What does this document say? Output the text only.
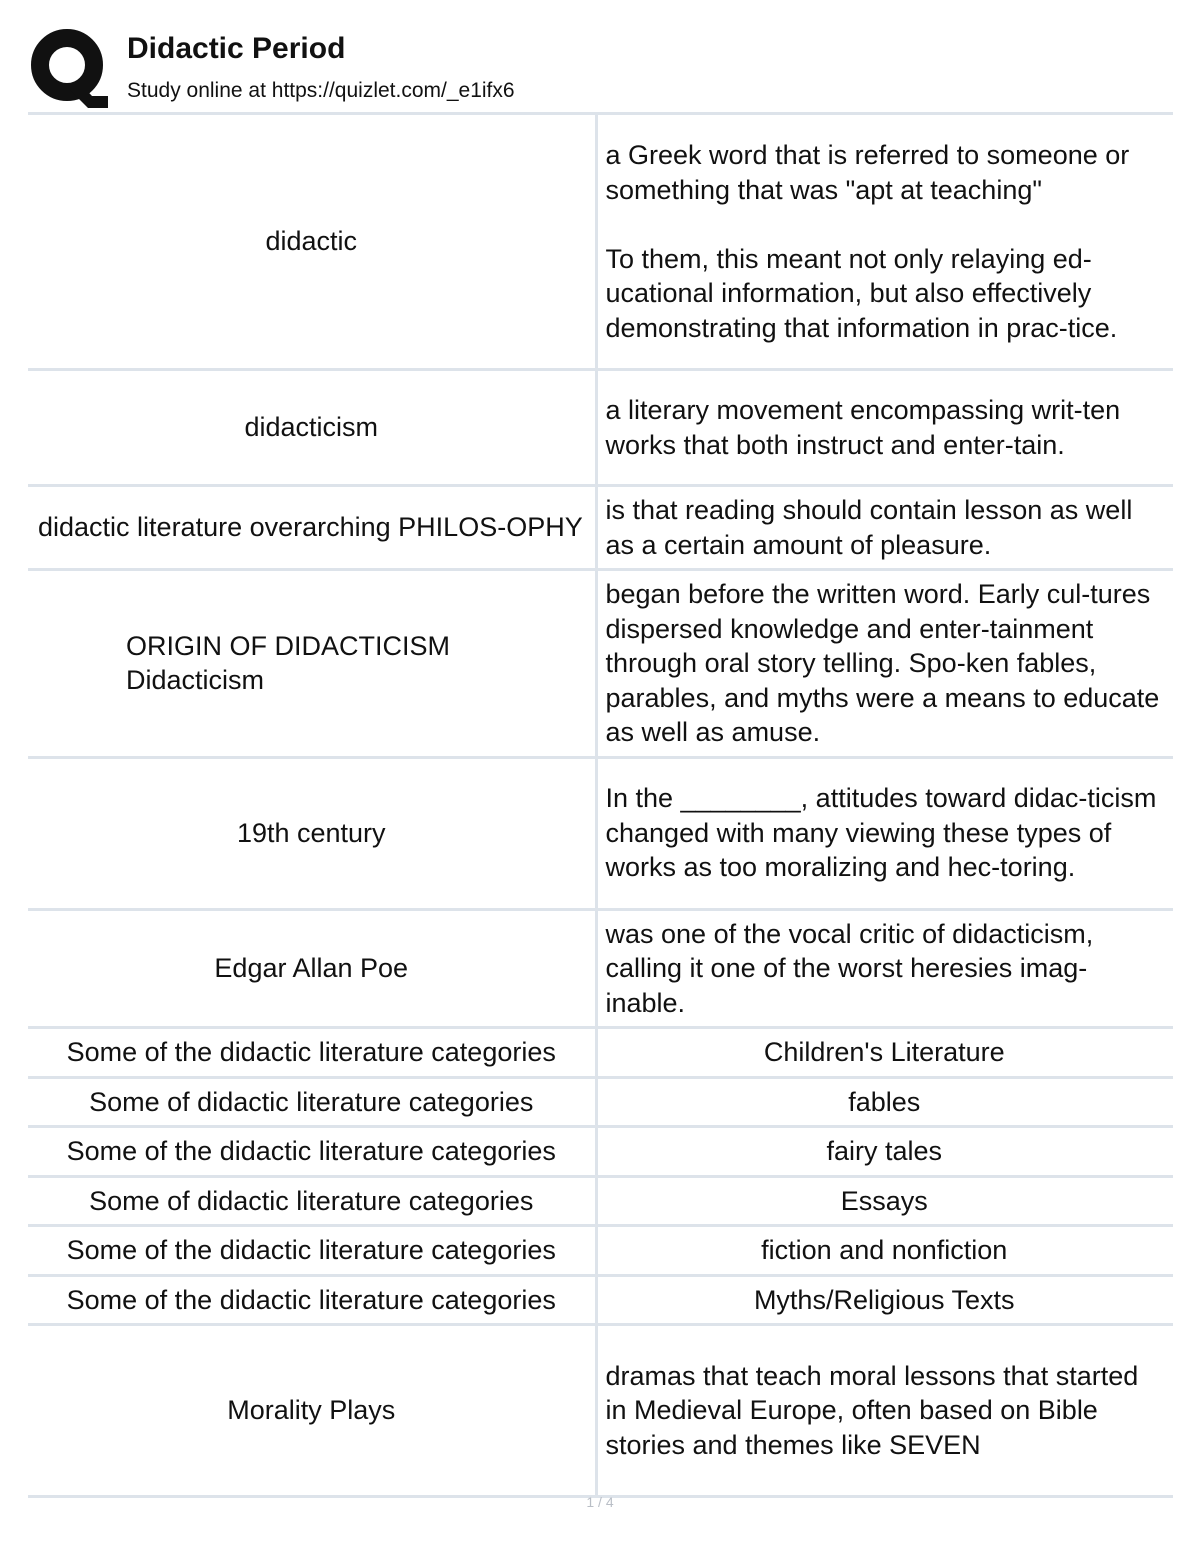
Didactic Period
Study online at https://quizlet.com/_e1ifx6
didactic	a Greek word that is referred to someone or something that was "apt at teaching"

To them, this meant not only relaying ed-ucational information, but also effectively demonstrating that information in prac-tice.
didacticism	a literary movement encompassing writ-ten works that both instruct and enter-tain.
didactic literature overarching PHILOS-OPHY	is that reading should contain lesson as well as a certain amount of pleasure.
ORIGIN OF DIDACTICISM
Didacticism	began before the written word. Early cul-tures dispersed knowledge and enter-tainment through oral story telling. Spo-ken fables, parables, and myths were a means to educate as well as amuse.
19th century	In the ________, attitudes toward didac-ticism changed with many viewing these types of works as too moralizing and hec-toring.
Edgar Allan Poe	was one of the vocal critic of didacticism, calling it one of the worst heresies imag-inable.
Some of the didactic literature categories	Children's Literature
Some of didactic literature categories	fables
Some of the didactic literature categories	fairy tales
Some of didactic literature categories	Essays
Some of the didactic literature categories	fiction and nonfiction
Some of the didactic literature categories	Myths/Religious Texts
Morality Plays	dramas that teach moral lessons that started in Medieval Europe, often based on Bible stories and themes like SEVEN
1 / 4
